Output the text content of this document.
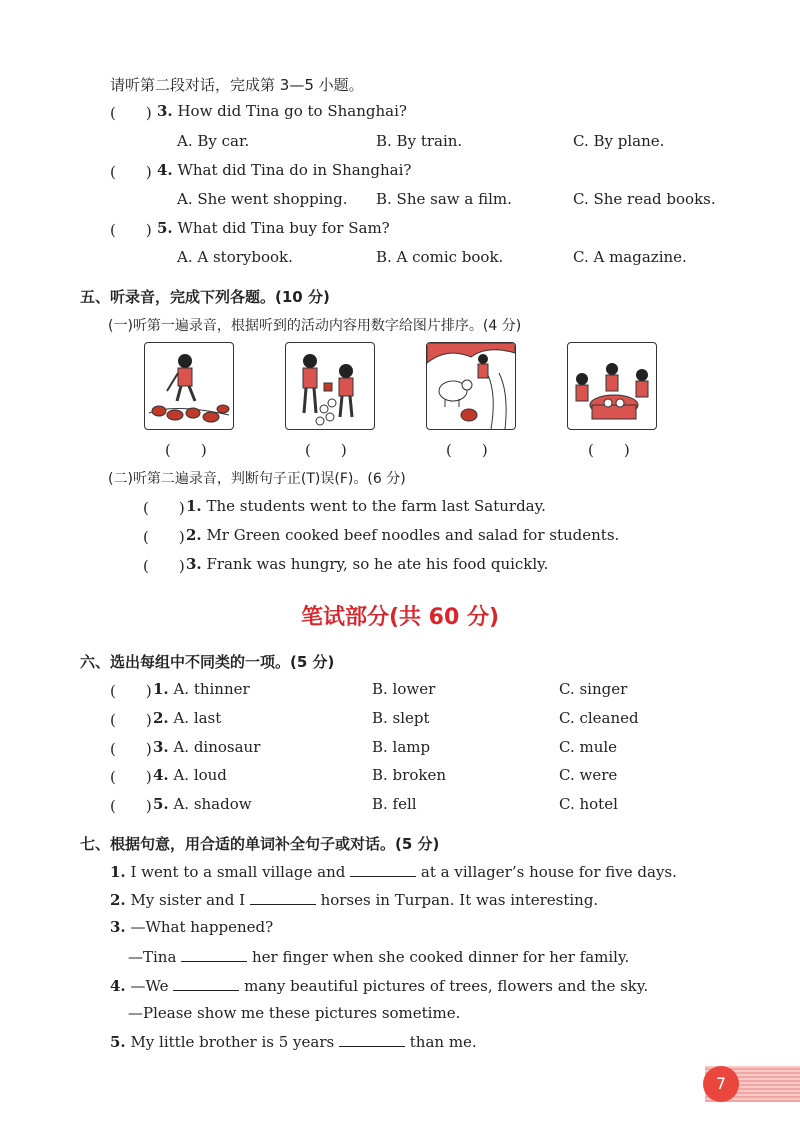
请听第二段对话，完成第 3—5 小题。
(　　) 3. How did Tina go to Shanghai?
A. By car.	B. By train.	C. By plane.
(　　) 4. What did Tina do in Shanghai?
A. She went shopping. B. She saw a film.	C. She read books.
(　　) 5. What did Tina buy for Sam?
A. A storybook.	B. A comic book.	C. A magazine.
五、听录音，完成下列各题。(10 分)
(一)听第一遍录音，根据听到的活动内容用数字给图片排序。(4 分)
(　　)	(　　)	(　　)	(　　)
(二)听第二遍录音，判断句子正(T)误(F)。(6 分)
(　　) 1. The students went to the farm last Saturday.
(　　) 2. Mr Green cooked beef noodles and salad for students.
(　　) 3. Frank was hungry, so he ate his food quickly.
笔试部分(共 60 分)
六、选出每组中不同类的一项。(5 分)
(　　) 1. A. thinner	B. lower	C. singer
(　　) 2. A. last	B. slept	C. cleaned
(　　) 3. A. dinosaur	B. lamp	C. mule
(　　) 4. A. loud	B. broken	C. were
(　　) 5. A. shadow	B. fell	C. hotel
七、根据句意，用合适的单词补全句子或对话。(5 分)
1. I went to a small village and	at a villager’s house for five days.
2. My sister and I	horses in Turpan. It was interesting.
3. —What happened?
—Tina	her finger when she cooked dinner for her family.
4. —We	many beautiful pictures of trees, flowers and the sky.
—Please show me these pictures sometime.
5. My little brother is 5 years	than me.
7
